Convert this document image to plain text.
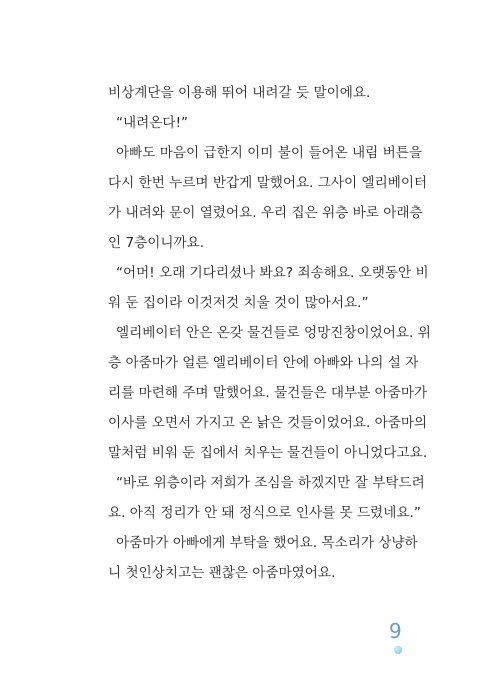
비상계단을 이용해 뛰어 내려갈 듯 말이에요.
“내려온다!”
아빠도 마음이 급한지 이미 불이 들어온 내림 버튼을
다시 한번 누르며 반갑게 말했어요. 그사이 엘리베이터
가 내려와 문이 열렸어요. 우리 집은 위층 바로 아래층
인 7층이니까요.
“어머! 오래 기다리셨나 봐요? 죄송해요. 오랫동안 비
워 둔 집이라 이것저것 치울 것이 많아서요.”
엘리베이터 안은 온갖 물건들로 엉망진창이었어요. 위
층 아줌마가 얼른 엘리베이터 안에 아빠와 나의 설 자
리를 마련해 주며 말했어요. 물건들은 대부분 아줌마가
이사를 오면서 가지고 온 낡은 것들이었어요. 아줌마의
말처럼 비워 둔 집에서 치우는 물건들이 아니었다고요.
“바로 위층이라 저희가 조심을 하겠지만 잘 부탁드려
요. 아직 정리가 안 돼 정식으로 인사를 못 드렸네요.”
아줌마가 아빠에게 부탁을 했어요. 목소리가 상냥하
니 첫인상치고는 괜찮은 아줌마였어요.
9
